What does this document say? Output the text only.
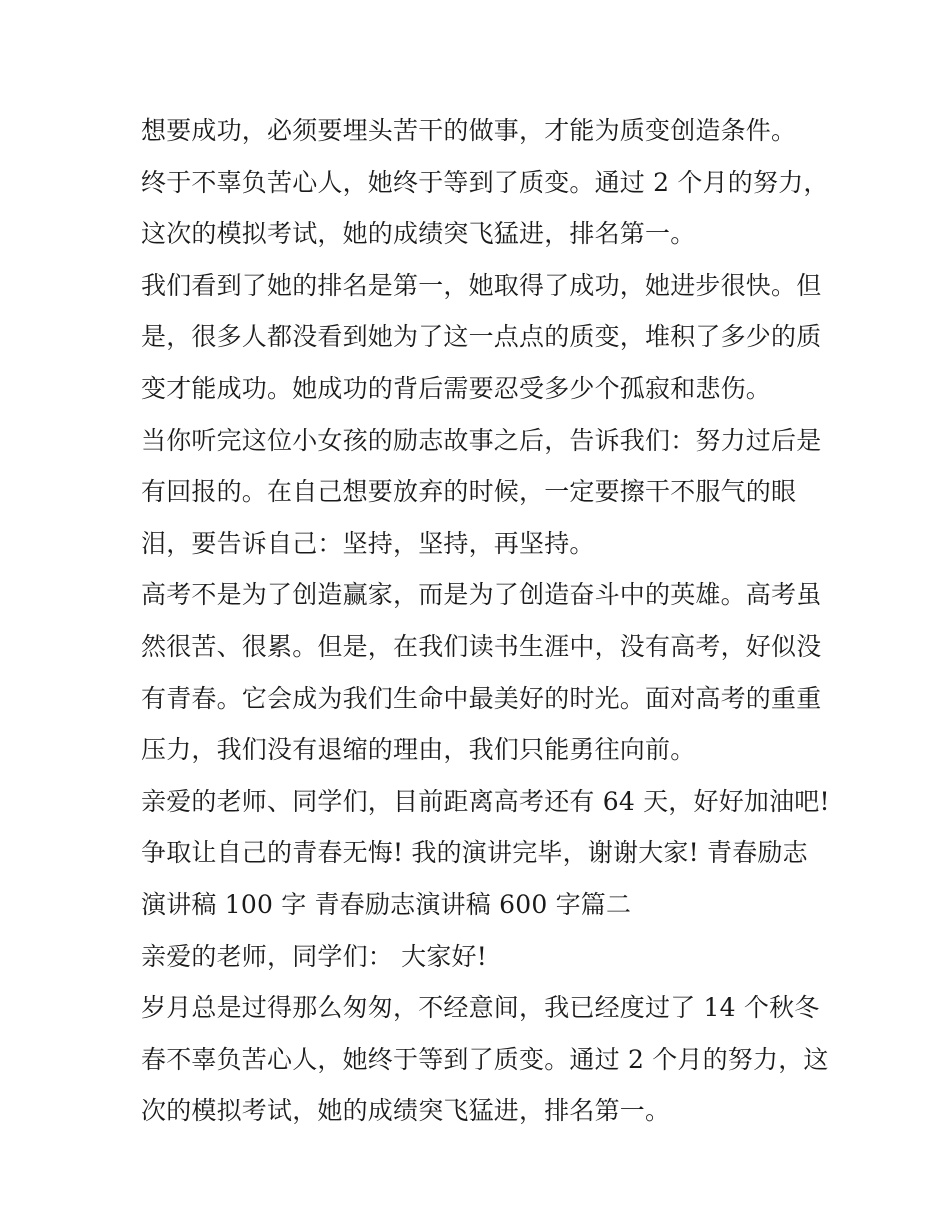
想要成功，必须要埋头苦干的做事，才能为质变创造条件。
终于不辜负苦心人，她终于等到了质变。通过 2 个月的努力，
这次的模拟考试，她的成绩突飞猛进，排名第一。
我们看到了她的排名是第一，她取得了成功，她进步很快。但
是，很多人都没看到她为了这一点点的质变，堆积了多少的质
变才能成功。她成功的背后需要忍受多少个孤寂和悲伤。
当你听完这位小女孩的励志故事之后，告诉我们：努力过后是
有回报的。在自己想要放弃的时候，一定要擦干不服气的眼
泪，要告诉自己：坚持，坚持，再坚持。
高考不是为了创造赢家，而是为了创造奋斗中的英雄。高考虽
然很苦、很累。但是，在我们读书生涯中，没有高考，好似没
有青春。它会成为我们生命中最美好的时光。面对高考的重重
压力，我们没有退缩的理由，我们只能勇往向前。
亲爱的老师、同学们，目前距离高考还有 64 天，好好加油吧!
争取让自己的青春无悔! 我的演讲完毕，谢谢大家! 青春励志
演讲稿 100 字 青春励志演讲稿 600 字篇二
亲爱的老师，同学们： 大家好!
岁月总是过得那么匆匆，不经意间，我已经度过了 14 个秋冬
春不辜负苦心人，她终于等到了质变。通过 2 个月的努力，这
次的模拟考试，她的成绩突飞猛进，排名第一。
